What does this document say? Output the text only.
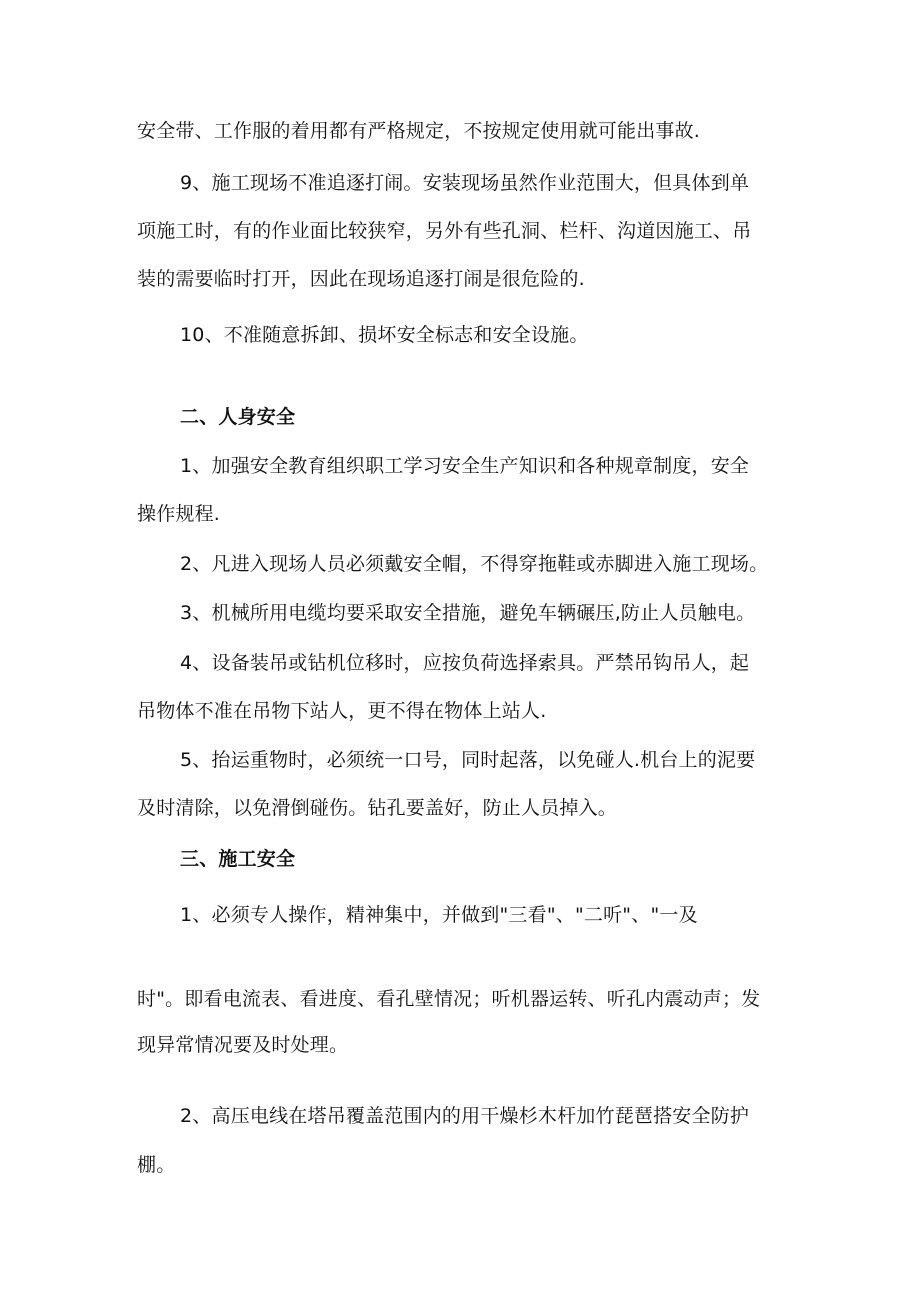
安全带、工作服的着用都有严格规定，不按规定使用就可能出事故.
9、施工现场不准追逐打闹。安装现场虽然作业范围大，但具体到单
项施工时，有的作业面比较狭窄，另外有些孔洞、栏杆、沟道因施工、吊
装的需要临时打开，因此在现场追逐打闹是很危险的.
10、不准随意拆卸、损坏安全标志和安全设施。
二、人身安全
1、加强安全教育组织职工学习安全生产知识和各种规章制度，安全
操作规程.
2、凡进入现场人员必须戴安全帽，不得穿拖鞋或赤脚进入施工现场。
3、机械所用电缆均要采取安全措施，避免车辆碾压,防止人员触电。
4、设备装吊或钻机位移时，应按负荷选择索具。严禁吊钩吊人，起
吊物体不准在吊物下站人，更不得在物体上站人.
5、抬运重物时，必须统一口号，同时起落，以免碰人.机台上的泥要
及时清除，以免滑倒碰伤。钻孔要盖好，防止人员掉入。
三、施工安全
1、必须专人操作，精神集中，并做到"三看"、"二听"、"一及
时"。即看电流表、看进度、看孔壁情况；听机器运转、听孔内震动声；发
现异常情况要及时处理。
2、高压电线在塔吊覆盖范围内的用干燥杉木杆加竹琵琶搭安全防护
棚。
